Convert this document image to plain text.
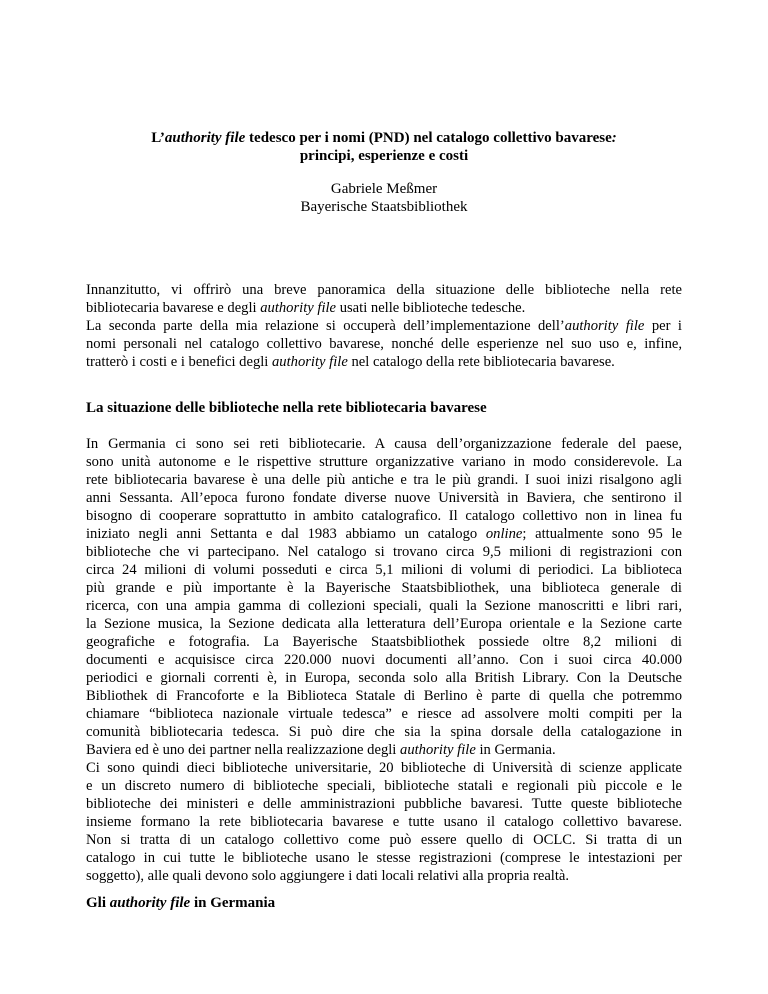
L’authority file tedesco per i nomi (PND) nel catalogo collettivo bavarese:
principi, esperienze e costi
Gabriele Meßmer
Bayerische Staatsbibliothek
Innanzitutto, vi offrirò una breve panoramica della situazione delle biblioteche nella rete
bibliotecaria bavarese e degli authority file usati nelle biblioteche tedesche.
La seconda parte della mia relazione si occuperà dell’implementazione dell’authority file per i
nomi personali nel catalogo collettivo bavarese, nonché delle esperienze nel suo uso e, infine,
tratterò i costi e i benefici degli authority file nel catalogo della rete bibliotecaria bavarese.
La situazione delle biblioteche nella rete bibliotecaria bavarese
In Germania ci sono sei reti bibliotecarie. A causa dell’organizzazione federale del paese,
sono unità autonome e le rispettive strutture organizzative variano in modo considerevole. La
rete bibliotecaria bavarese è una delle più antiche e tra le più grandi. I suoi inizi risalgono agli
anni Sessanta. All’epoca furono fondate diverse nuove Università in Baviera, che sentirono il
bisogno di cooperare soprattutto in ambito catalografico. Il catalogo collettivo non in linea fu
iniziato negli anni Settanta e dal 1983 abbiamo un catalogo online; attualmente sono 95 le
biblioteche che vi partecipano. Nel catalogo si trovano circa 9,5 milioni di registrazioni con
circa 24 milioni di volumi posseduti e circa 5,1 milioni di volumi di periodici. La biblioteca
più grande e più importante è la Bayerische Staatsbibliothek, una biblioteca generale di
ricerca, con una ampia gamma di collezioni speciali, quali la Sezione manoscritti e libri rari,
la Sezione musica, la Sezione dedicata alla letteratura dell’Europa orientale e la Sezione carte
geografiche e fotografia. La Bayerische Staatsbibliothek possiede oltre 8,2 milioni di
documenti e acquisisce circa 220.000 nuovi documenti all’anno. Con i suoi circa 40.000
periodici e giornali correnti è, in Europa, seconda solo alla British Library. Con la Deutsche
Bibliothek di Francoforte e la Biblioteca Statale di Berlino è parte di quella che potremmo
chiamare “biblioteca nazionale virtuale tedesca” e riesce ad assolvere molti compiti per la
comunità bibliotecaria tedesca. Si può dire che sia la spina dorsale della catalogazione in
Baviera ed è uno dei partner nella realizzazione degli authority file in Germania.
Ci sono quindi dieci biblioteche universitarie, 20 biblioteche di Università di scienze applicate
e un discreto numero di biblioteche speciali, biblioteche statali e regionali più piccole e le
biblioteche dei ministeri e delle amministrazioni pubbliche bavaresi. Tutte queste biblioteche
insieme formano la rete bibliotecaria bavarese e tutte usano il catalogo collettivo bavarese.
Non si tratta di un catalogo collettivo come può essere quello di OCLC. Si tratta di un
catalogo in cui tutte le biblioteche usano le stesse registrazioni (comprese le intestazioni per
soggetto), alle quali devono solo aggiungere i dati locali relativi alla propria realtà.
Gli authority file in Germania
